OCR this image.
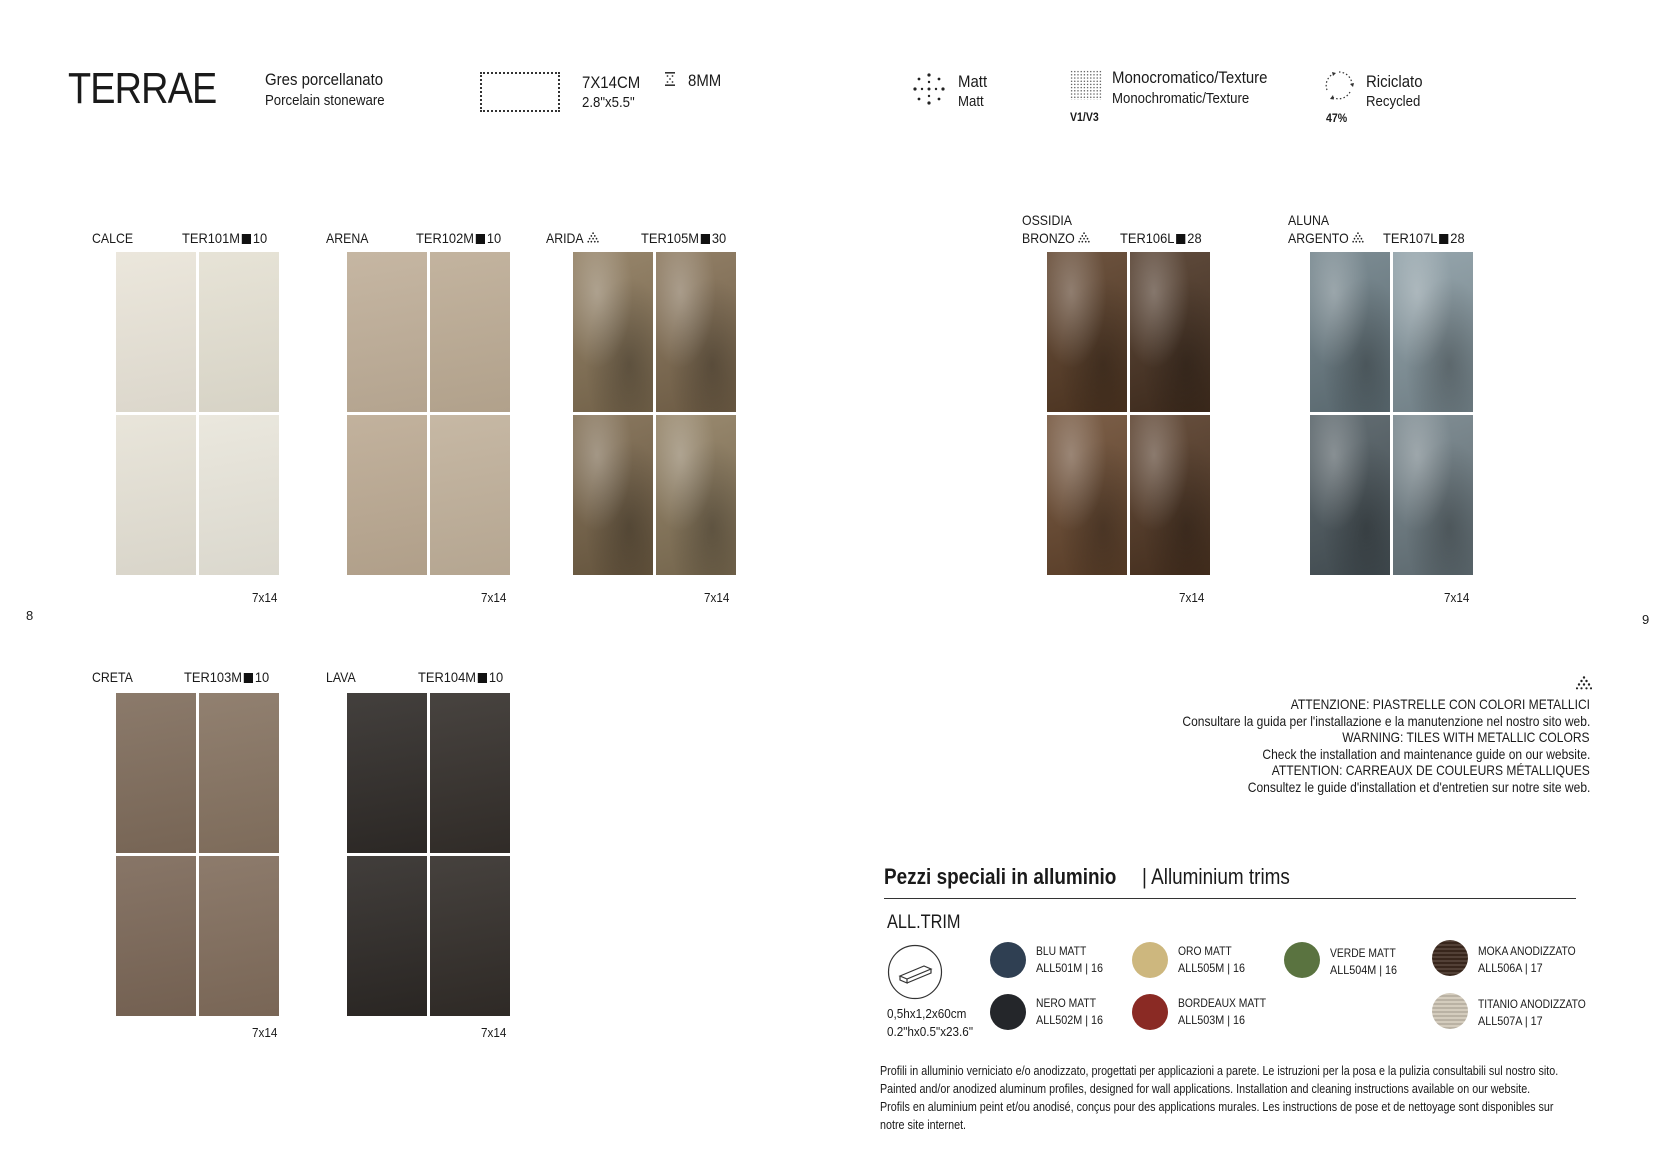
TERRAE	Gres porcellanato
Porcelain stoneware
7X14CM
2.8"x5.5"
8MM	Matt
Matt
Monocromatico/Texture
Monochromatic/Texture
V1/V3
Riciclato
Recycled
47%
8	9
CALCE	TER101M 10
7x14
ARENA	TER102M 10
7x14
ARIDA	TER105M 30
7x14
CRETA	TER103M 10
7x14
LAVA	TER104M 10
7x14
OSSIDIA
BRONZO	TER106L 28
7x14
ALUNA
ARGENTO	TER107L 28
7x14
ATTENZIONE: PIASTRELLE CON COLORI METALLICI
Consultare la guida per l'installazione e la manutenzione nel nostro sito web.
WARNING: TILES WITH METALLIC COLORS
Check the installation and maintenance guide on our website.
ATTENTION: CARREAUX DE COULEURS MÉTALLIQUES
Consultez le guide d'installation et d'entretien sur notre site web.
Pezzi speciali in alluminio | Alluminium trims
ALL.TRIM
0,5hx1,2x60cm
0.2"hx0.5"x23.6"
BLU MATT
ALL501M | 16
NERO MATT
ALL502M | 16
ORO MATT
ALL505M | 16
BORDEAUX MATT
ALL503M | 16
VERDE MATT
ALL504M | 16
MOKA ANODIZZATO
ALL506A | 17
TITANIO ANODIZZATO
ALL507A | 17
Profili in alluminio verniciato e/o anodizzato, progettati per applicazioni a parete. Le istruzioni per la posa e la pulizia consultabili sul nostro sito.
Painted and/or anodized aluminum profiles, designed for wall applications. Installation and cleaning instructions available on our website.
Profils en aluminium peint et/ou anodisé, conçus pour des applications murales. Les instructions de pose et de nettoyage sont disponibles sur
notre site internet.
